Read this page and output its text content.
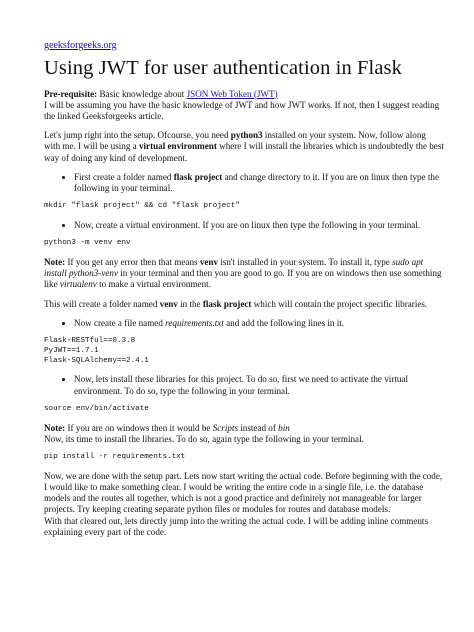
geeksforgeeks.org
Using JWT for user authentication in Flask

Pre-requisite: Basic knowledge about JSON Web Token (JWT)
I will be assuming you have the basic knowledge of JWT and how JWT works. If not, then I suggest reading the linked Geeksforgeeks article.

Let's jump right into the setup. Ofcourse, you need python3 installed on your system. Now, follow along with me. I will be using a virtual environment where I will install the libraries which is undoubtedly the best way of doing any kind of development.

• First create a folder named flask project and change directory to it. If you are on linux then type the following in your terminal.
mkdir "flask project" && cd "flask project"
• Now, create a virtual environment. If you are on linux then type the following in your terminal.
python3 -m venv env

Note: If you get any error then that means venv isn't installed in your system. To install it, type sudo apt install python3-venv in your terminal and then you are good to go. If you are on windows then use something like virtualenv to make a virtual environment.

This will create a folder named venv in the flask project which will contain the project specific libraries.

• Now create a file named requirements.txt and add the following lines in it.
Flask-RESTful==0.3.8
PyJWT==1.7.1
Flask-SQLAlchemy==2.4.1
• Now, lets install these libraries for this project. To do so, first we need to activate the virtual environment. To do so, type the following in your terminal.
source env/bin/activate

Note: If you are on windows then it would be Scripts instead of bin
Now, its time to install the libraries. To do so, again type the following in your terminal.

pip install -r requirements.txt

Now, we are done with the setup part. Lets now start writing the actual code. Before beginning with the code, I would like to make something clear. I would be writing the entire code in a single file, i.e. the database models and the routes all together, which is not a good practice and definitely not manageable for larger projects. Try keeping creating separate python files or modules for routes and database models.
With that cleared out, lets directly jump into the writing the actual code. I will be adding inline comments explaining every part of the code.
